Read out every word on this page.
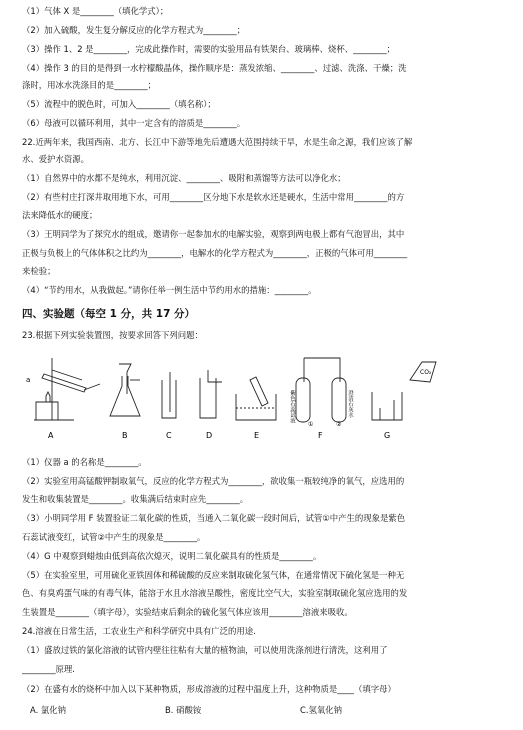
（1）气体 X 是________（填化学式）；
（2）加入硫酸，发生复分解反应的化学方程式为________；
（3）操作 1、2 是________，完成此操作时，需要的实验用品有铁架台、玻璃棒、烧杯、________；
（4）操作 3 的目的是得到一水柠檬酸晶体，操作顺序是：蒸发浓缩、________、过滤、洗涤、干燥；洗
涤时，用冰水洗涤目的是________；
（5）流程中的脱色时，可加入________（填名称）；
（6）母液可以循环利用，其中一定含有的溶质是________。
22.近两年来，我国西南、北方、长江中下游等地先后遭遇大范围持续干旱，水是生命之源，我们应该了解
水、爱护水资源。
（1）自然界中的水都不是纯水，利用沉淀、________、吸附和蒸馏等方法可以净化水；
（2）有些村庄打深井取用地下水，可用________区分地下水是软水还是硬水，生活中常用________的方
法来降低水的硬度；
（3）王明同学为了探究水的组成，邀请你一起参加水的电解实验，观察到两电极上都有气泡冒出，其中
正极与负极上的气体体积之比约为________，电解水的化学方程式为________，正极的气体可用________
来检验；
（4）“节约用水，从我做起。”请你任举一例生活中节约用水的措施：________。
四、实验题（每空 1 分，共 17 分）
23.根据下列实验装置图，按要求回答下列问题：
a
紫色石蕊试液	澄清石灰水
①	②
CO₂
A	B	C	D	E	F	G
（1）仪器 a 的名称是________。
（2）实验室用高锰酸钾制取氧气，反应的化学方程式为________，欲收集一瓶较纯净的氧气，应选用的
发生和收集装置是________。收集满后结束时应先________。
（3）小明同学用 F 装置验证二氧化碳的性质，当通入二氧化碳一段时间后，试管①中产生的现象是紫色
石蕊试液变红，试管②中产生的现象是________。
（4）G 中观察到蜡烛由低到高依次熄灭，说明二氧化碳具有的性质是________。
（5）在实验室里，可用硫化亚铁固体和稀硫酸的反应来制取硫化氢气体，在通常情况下硫化氢是一种无
色、有臭鸡蛋气味的有毒气体，能溶于水且水溶液呈酸性，密度比空气大，实验室制取硫化氢应选用的发
生装置是________（填字母），实验结束后剩余的硫化氢气体应该用________溶液来吸收。
24.溶液在日常生活，工农业生产和科学研究中具有广泛的用途.
（1）盛放过铁的氯化溶液的试管内壁往往粘有大量的植物油，可以使用洗涤剂进行清洗，这利用了
________原理.
（2）在盛有水的烧杯中加入以下某种物质，形成溶液的过程中温度上升，这种物质是____（填字母）
A. 氯化钠	B. 硝酸铵	C.氢氧化钠
